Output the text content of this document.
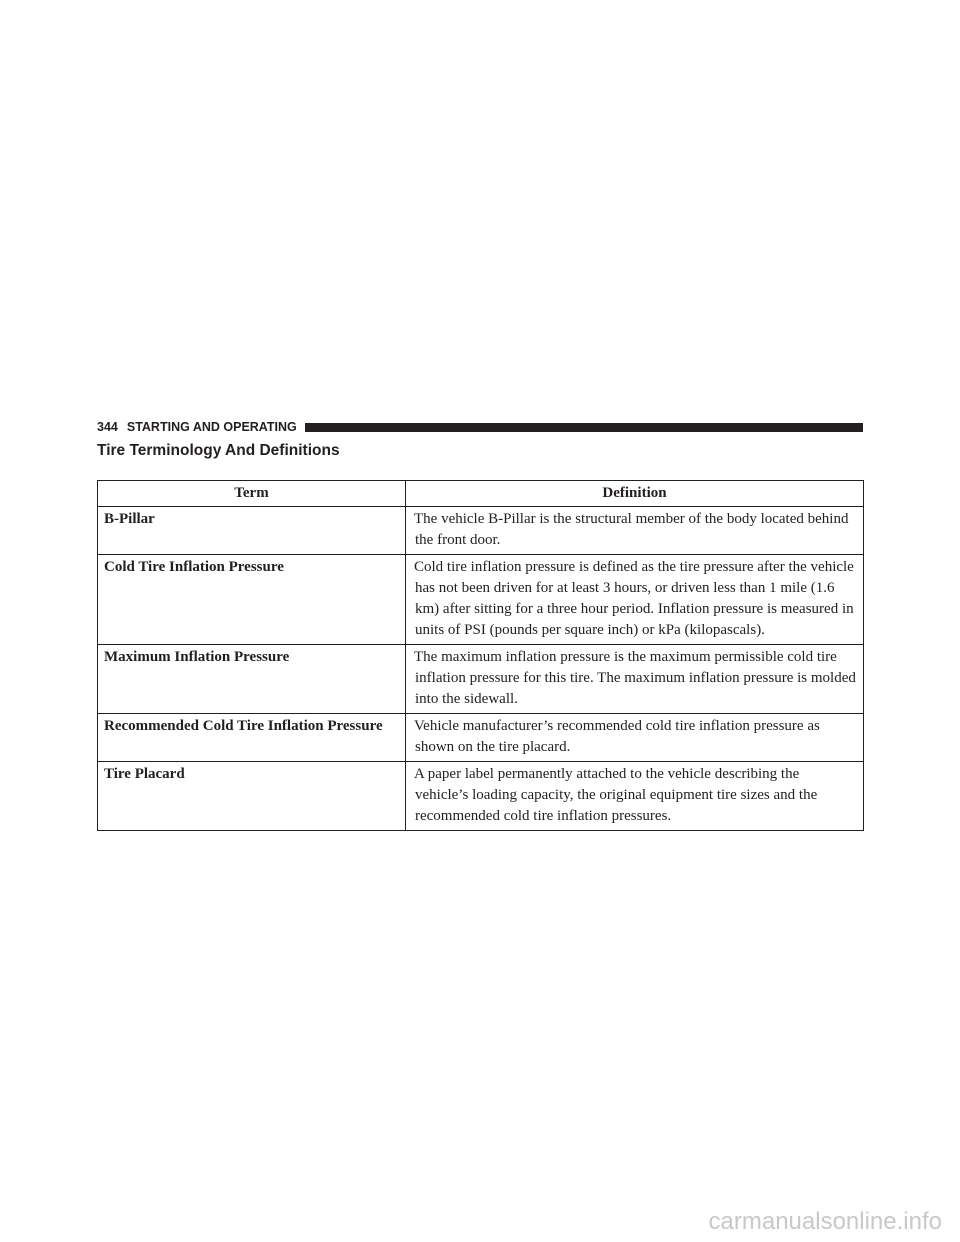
344 STARTING AND OPERATING
Tire Terminology And Definitions
Term	Definition
B-Pillar	The vehicle B-Pillar is the structural member of the body located behind the front door.
Cold Tire Inflation Pressure	Cold tire inflation pressure is defined as the tire pressure after the vehicle has not been driven for at least 3 hours, or driven less than 1 mile (1.6 km) after sitting for a three hour period. Inflation pressure is measured in units of PSI (pounds per square inch) or kPa (kilopascals).
Maximum Inflation Pressure	The maximum inflation pressure is the maximum permissible cold tire inflation pressure for this tire. The maximum inflation pressure is molded into the sidewall.
Recommended Cold Tire Inflation Pressure	Vehicle manufacturer’s recommended cold tire inflation pressure as shown on the tire placard.
Tire Placard	A paper label permanently attached to the vehicle describing the vehicle’s loading capacity, the original equipment tire sizes and the recommended cold tire inflation pressures.
carmanualsonline.info
